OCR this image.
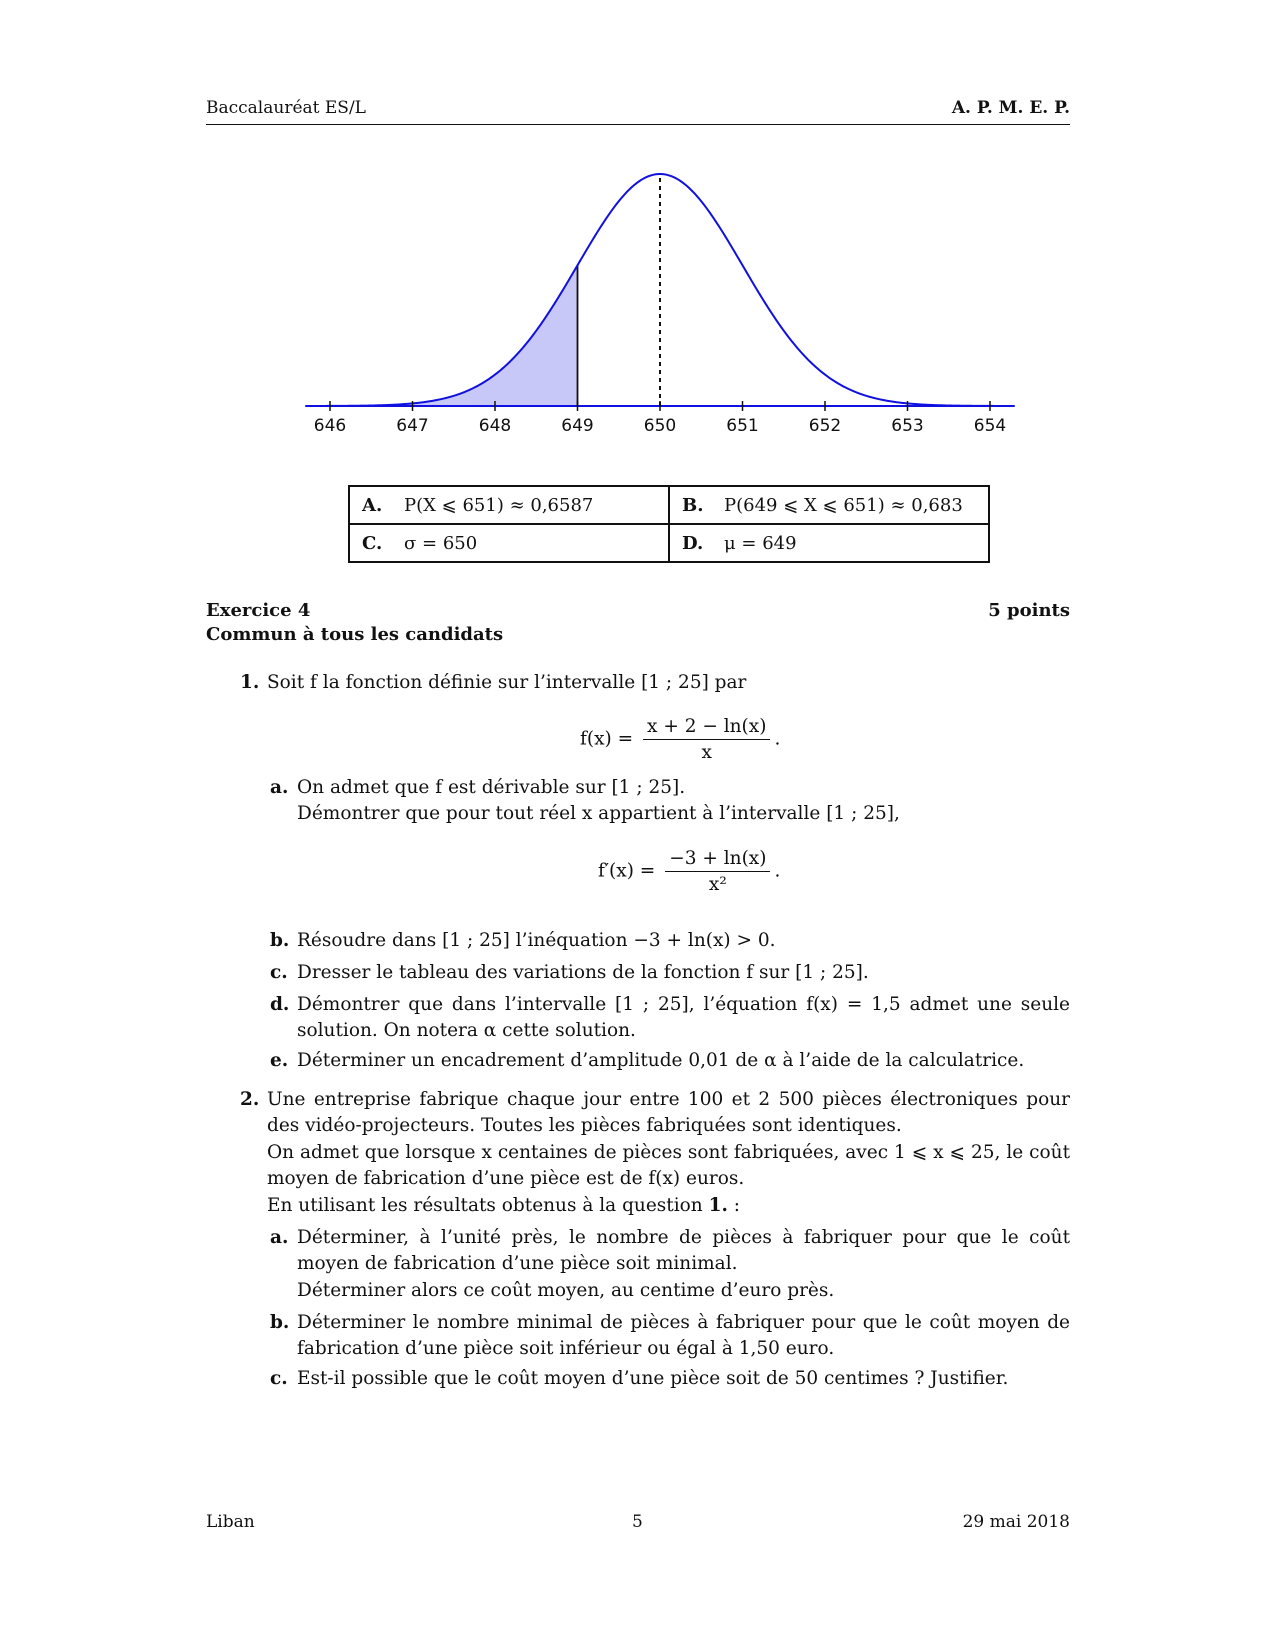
Baccalauréat ES/L	A. P. M. E. P.
646	647	648	649	650	651	652	653	654
A. P(X ⩽ 651) ≈ 0,6587	B. P(649 ⩽ X ⩽ 651) ≈ 0,683
C. σ = 650	D. μ = 649
Exercice 4	5 points
Commun à tous les candidats
1. Soit f la fonction définie sur l’intervalle [1 ; 25] par
$f(x) = \frac{x + 2 - \ln(x)}{x}$ .
a. On admet que f est dérivable sur [1 ; 25].
Démontrer que pour tout réel x appartient à l’intervalle [1 ; 25],
$f'(x) = \frac{-3 + \ln(x)}{\text{x²}}$ .
b. Résoudre dans [1 ; 25] l’inéquation −3 + ln(x) > 0.
c. Dresser le tableau des variations de la fonction f sur [1 ; 25].
d. Démontrer que dans l’intervalle [1 ; 25], l’équation f(x) = 1,5 admet une seule solution. On notera α cette solution.
e. Déterminer un encadrement d’amplitude 0,01 de α à l’aide de la calculatrice.
2. Une entreprise fabrique chaque jour entre 100 et 2 500 pièces électroniques pour des vidéo-projecteurs. Toutes les pièces fabriquées sont identiques.
On admet que lorsque x centaines de pièces sont fabriquées, avec 1 ⩽ x ⩽ 25, le coût moyen de fabrication d’une pièce est de f(x) euros.
En utilisant les résultats obtenus à la question 1. :
a. Déterminer, à l’unité près, le nombre de pièces à fabriquer pour que le coût moyen de fabrication d’une pièce soit minimal.
Déterminer alors ce coût moyen, au centime d’euro près.
b. Déterminer le nombre minimal de pièces à fabriquer pour que le coût moyen de fabrication d’une pièce soit inférieur ou égal à 1,50 euro.
c. Est-il possible que le coût moyen d’une pièce soit de 50 centimes ? Justifier.
Liban	5	29 mai 2018
